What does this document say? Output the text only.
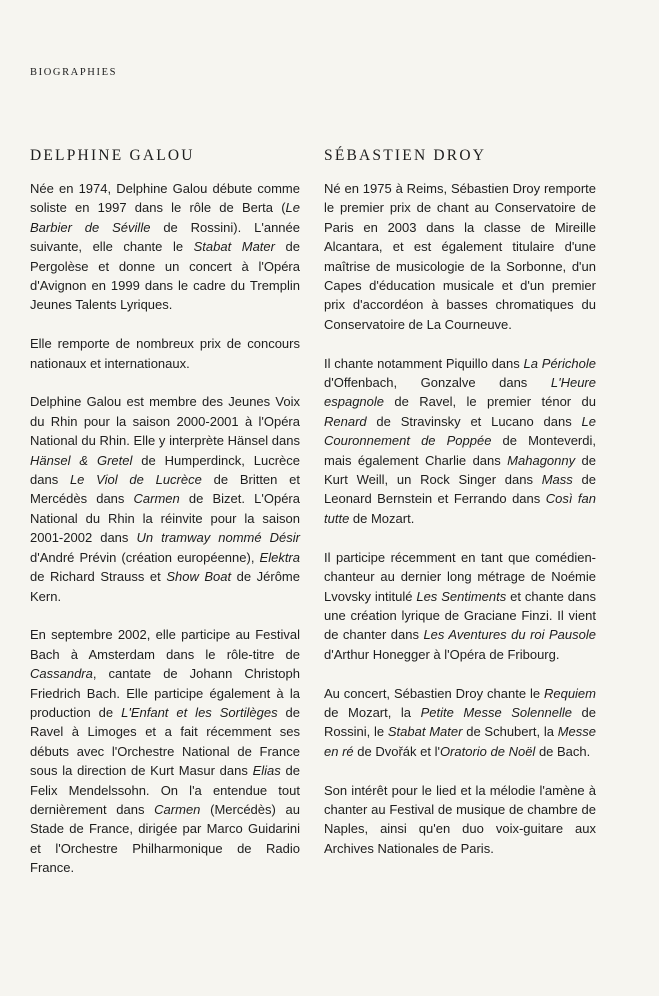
BIOGRAPHIES
DELPHINE GALOU

Née en 1974, Delphine Galou débute comme soliste en 1997 dans le rôle de Berta (Le Barbier de Séville de Rossini). L'année suivante, elle chante le Stabat Mater de Pergolèse et donne un concert à l'Opéra d'Avignon en 1999 dans le cadre du Tremplin Jeunes Talents Lyriques.

Elle remporte de nombreux prix de concours nationaux et internationaux.

Delphine Galou est membre des Jeunes Voix du Rhin pour la saison 2000-2001 à l'Opéra National du Rhin. Elle y interprète Hänsel dans Hänsel & Gretel de Humperdinck, Lucrèce dans Le Viol de Lucrèce de Britten et Mercédès dans Carmen de Bizet. L'Opéra National du Rhin la réinvite pour la saison 2001-2002 dans Un tramway nommé Désir d'André Prévin (création européenne), Elektra de Richard Strauss et Show Boat de Jérôme Kern.

En septembre 2002, elle participe au Festival Bach à Amsterdam dans le rôle-titre de Cassandra, cantate de Johann Christoph Friedrich Bach. Elle participe également à la production de L'Enfant et les Sortilèges de Ravel à Limoges et a fait récemment ses débuts avec l'Orchestre National de France sous la direction de Kurt Masur dans Elias de Felix Mendelssohn. On l'a entendue tout dernièrement dans Carmen (Mercédès) au Stade de France, dirigée par Marco Guidarini et l'Orchestre Philharmonique de Radio France.

SÉBASTIEN DROY

Né en 1975 à Reims, Sébastien Droy remporte le premier prix de chant au Conservatoire de Paris en 2003 dans la classe de Mireille Alcantara, et est également titulaire d'une maîtrise de musicologie de la Sorbonne, d'un Capes d'éducation musicale et d'un premier prix d'accordéon à basses chromatiques du Conservatoire de La Courneuve.

Il chante notamment Piquillo dans La Périchole d'Offenbach, Gonzalve dans L'Heure espagnole de Ravel, le premier ténor du Renard de Stravinsky et Lucano dans Le Couronnement de Poppée de Monteverdi, mais également Charlie dans Mahagonny de Kurt Weill, un Rock Singer dans Mass de Leonard Bernstein et Ferrando dans Così fan tutte de Mozart.

Il participe récemment en tant que comédien-chanteur au dernier long métrage de Noémie Lvovsky intitulé Les Sentiments et chante dans une création lyrique de Graciane Finzi. Il vient de chanter dans Les Aventures du roi Pausole d'Arthur Honegger à l'Opéra de Fribourg.

Au concert, Sébastien Droy chante le Requiem de Mozart, la Petite Messe Solennelle de Rossini, le Stabat Mater de Schubert, la Messe en ré de Dvořák et l'Oratorio de Noël de Bach.

Son intérêt pour le lied et la mélodie l'amène à chanter au Festival de musique de chambre de Naples, ainsi qu'en duo voix-guitare aux Archives Nationales de Paris.
